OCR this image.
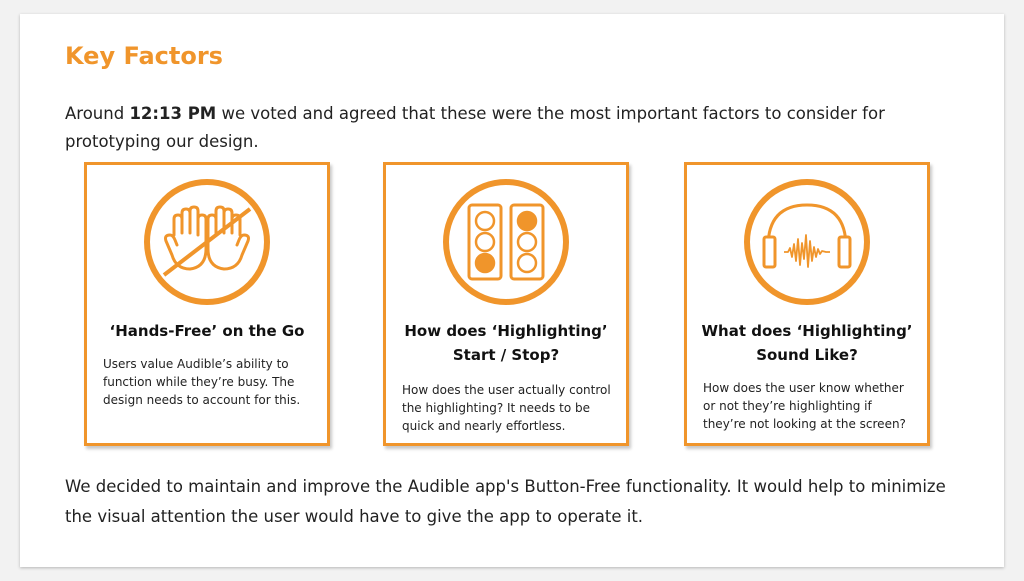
Key Factors

Around 12:13 PM we voted and agreed that these were the most important factors to consider for prototyping our design.

‘Hands-Free’ on the Go

Users value Audible’s ability to function while they’re busy. The design needs to account for this.

How does ‘Highlighting’ Start / Stop?

How does the user actually control the highlighting? It needs to be quick and nearly effortless.

What does ‘Highlighting’ Sound Like?

How does the user know whether or not they’re highlighting if they’re not looking at the screen?

We decided to maintain and improve the Audible app's Button-Free functionality. It would help to minimize the visual attention the user would have to give the app to operate it.
